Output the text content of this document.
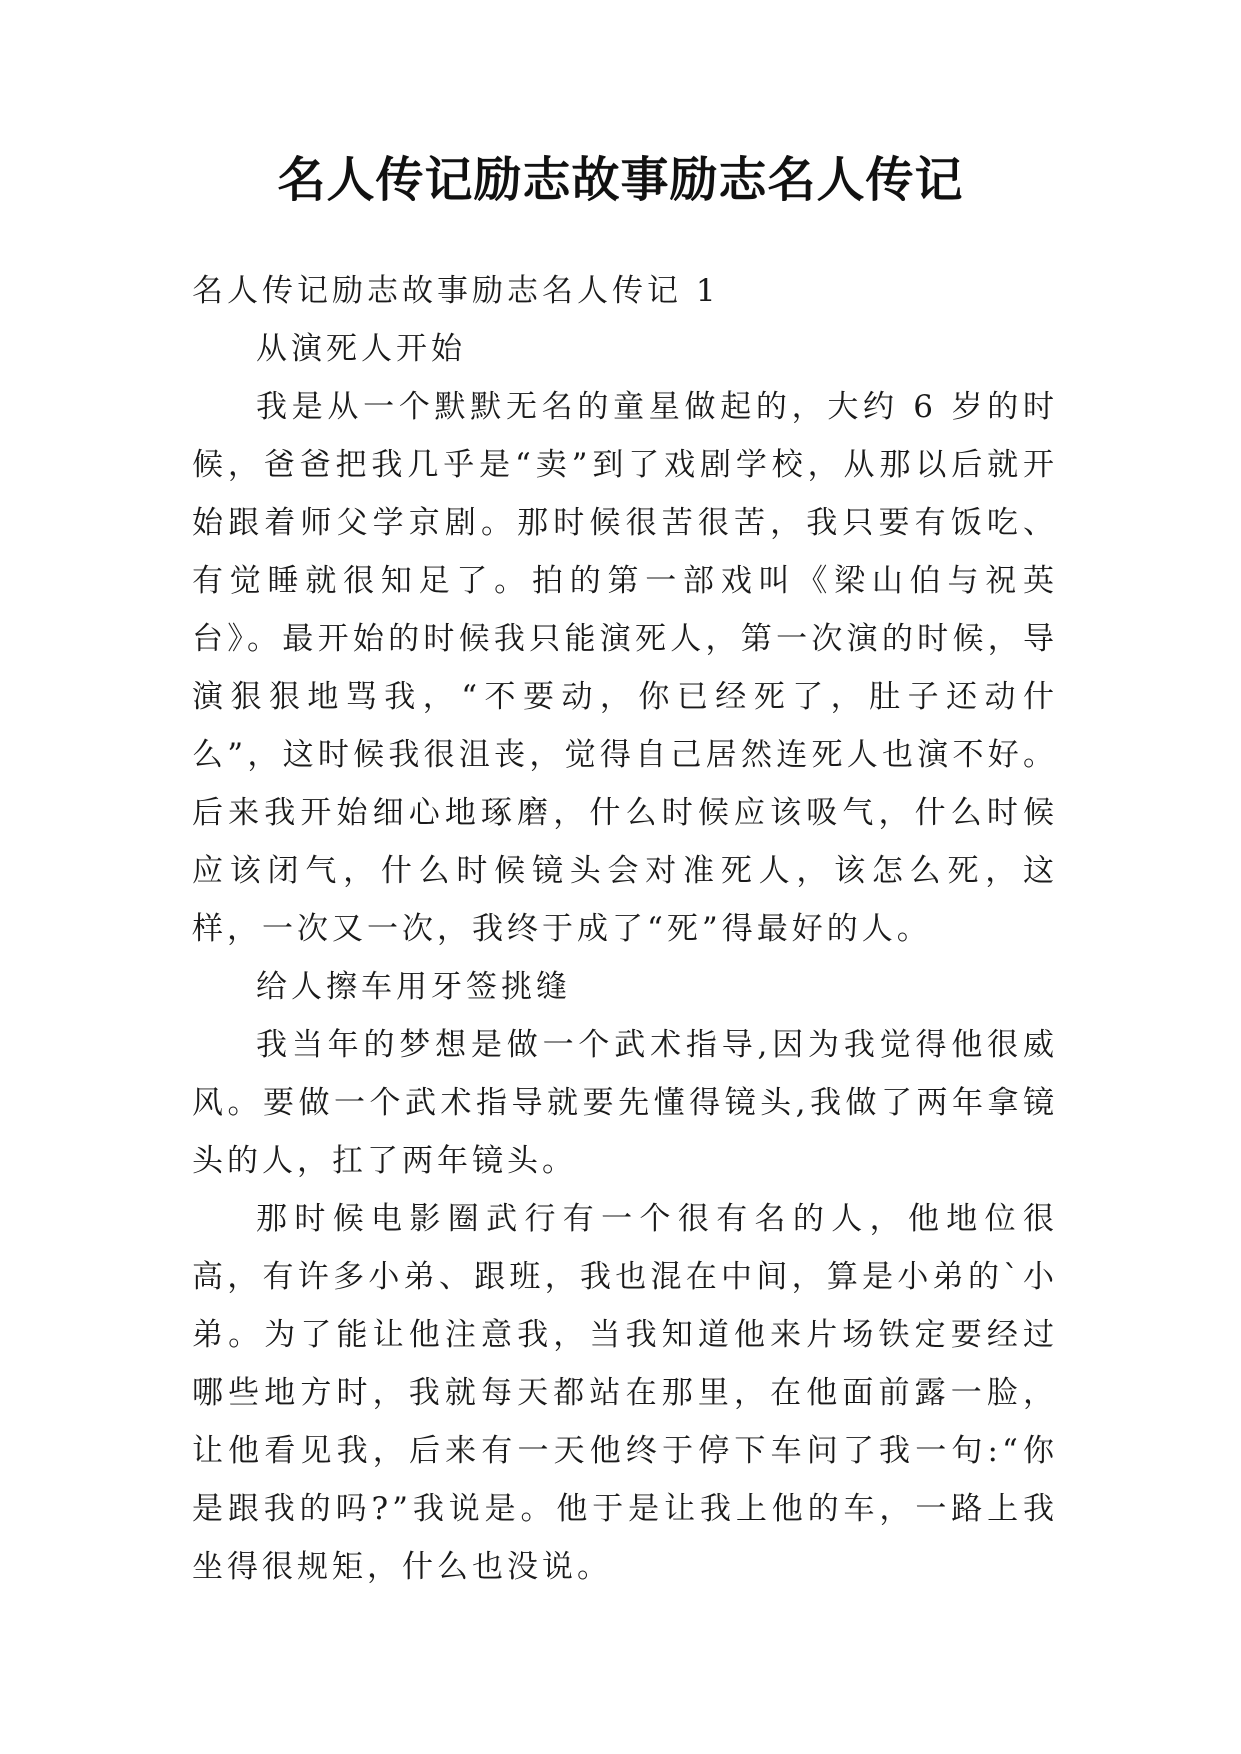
名人传记励志故事励志名人传记

名人传记励志故事励志名人传记 1

从演死人开始

我是从一个默默无名的童星做起的，大约 6 岁的时候，爸爸把我几乎是“卖”到了戏剧学校，从那以后就开始跟着师父学京剧。那时候很苦很苦，我只要有饭吃、有觉睡就很知足了。拍的第一部戏叫《梁山伯与祝英台》。最开始的时候我只能演死人，第一次演的时候，导演狠狠地骂我，“不要动，你已经死了，肚子还动什么”，这时候我很沮丧，觉得自己居然连死人也演不好。后来我开始细心地琢磨，什么时候应该吸气，什么时候应该闭气，什么时候镜头会对准死人，该怎么死，这样，一次又一次，我终于成了“死”得最好的人。

给人擦车用牙签挑缝

我当年的梦想是做一个武术指导,因为我觉得他很威风。要做一个武术指导就要先懂得镜头,我做了两年拿镜头的人，扛了两年镜头。

那时候电影圈武行有一个很有名的人，他地位很高，有许多小弟、跟班，我也混在中间，算是小弟的`小弟。为了能让他注意我，当我知道他来片场铁定要经过哪些地方时，我就每天都站在那里，在他面前露一脸，让他看见我，后来有一天他终于停下车问了我一句:“你是跟我的吗?”我说是。他于是让我上他的车，一路上我坐得很规矩，什么也没说。
